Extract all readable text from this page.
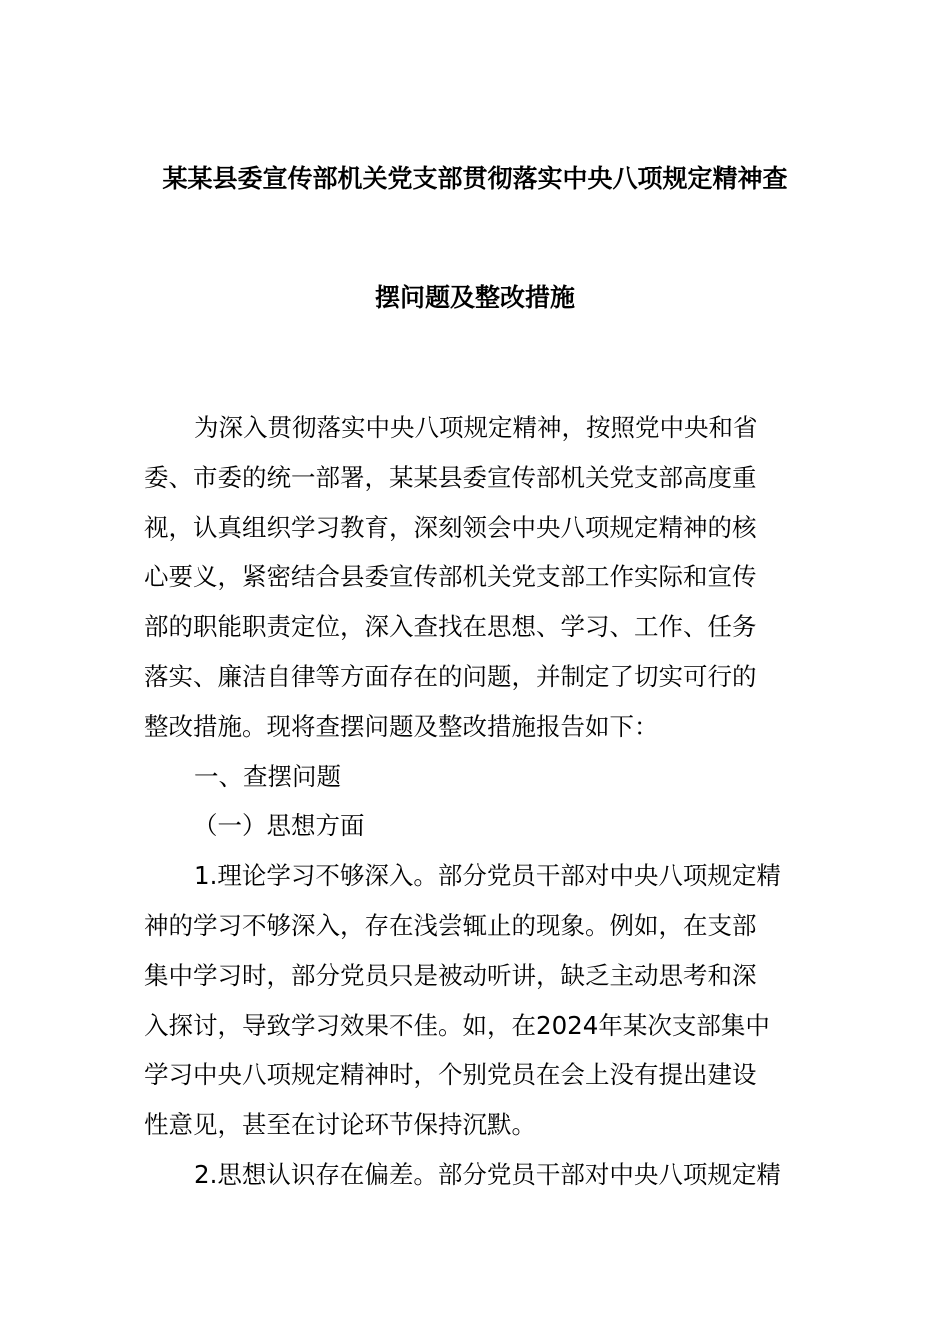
某某县委宣传部机关党支部贯彻落实中央八项规定精神查
摆问题及整改措施
为深入贯彻落实中央八项规定精神，按照党中央和省
委、市委的统一部署，某某县委宣传部机关党支部高度重
视，认真组织学习教育，深刻领会中央八项规定精神的核
心要义，紧密结合县委宣传部机关党支部工作实际和宣传
部的职能职责定位，深入查找在思想、学习、工作、任务
落实、廉洁自律等方面存在的问题，并制定了切实可行的
整改措施。现将查摆问题及整改措施报告如下：
一、查摆问题
（一）思想方面
1.理论学习不够深入。部分党员干部对中央八项规定精
神的学习不够深入，存在浅尝辄止的现象。例如，在支部
集中学习时，部分党员只是被动听讲，缺乏主动思考和深
入探讨，导致学习效果不佳。如，在2024年某次支部集中
学习中央八项规定精神时，个别党员在会上没有提出建设
性意见，甚至在讨论环节保持沉默。
2.思想认识存在偏差。部分党员干部对中央八项规定精
